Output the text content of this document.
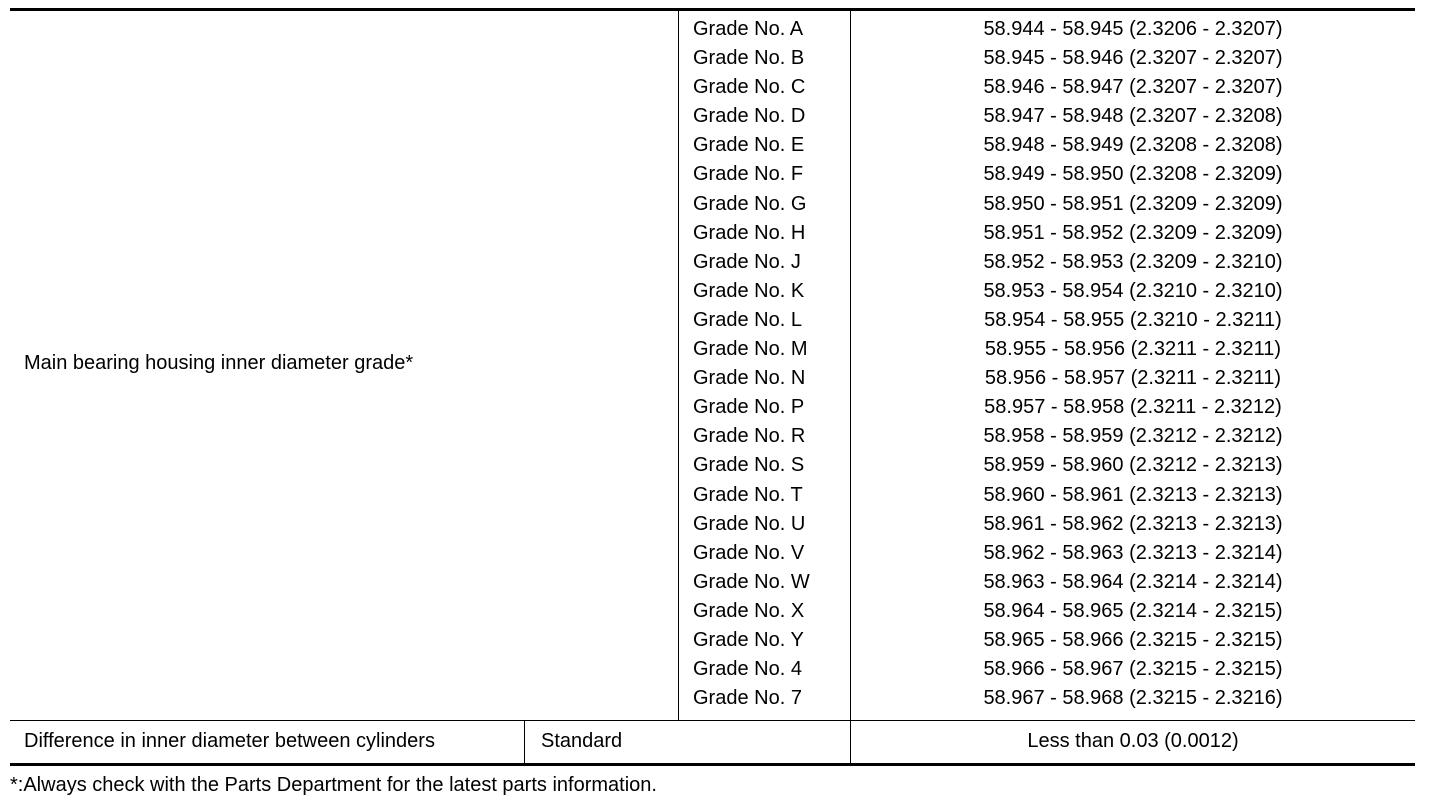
Main bearing housing inner diameter grade*
Grade No. A
Grade No. B
Grade No. C
Grade No. D
Grade No. E
Grade No. F
Grade No. G
Grade No. H
Grade No. J
Grade No. K
Grade No. L
Grade No. M
Grade No. N
Grade No. P
Grade No. R
Grade No. S
Grade No. T
Grade No. U
Grade No. V
Grade No. W
Grade No. X
Grade No. Y
Grade No. 4
Grade No. 7
58.944 - 58.945 (2.3206 - 2.3207)
58.945 - 58.946 (2.3207 - 2.3207)
58.946 - 58.947 (2.3207 - 2.3207)
58.947 - 58.948 (2.3207 - 2.3208)
58.948 - 58.949 (2.3208 - 2.3208)
58.949 - 58.950 (2.3208 - 2.3209)
58.950 - 58.951 (2.3209 - 2.3209)
58.951 - 58.952 (2.3209 - 2.3209)
58.952 - 58.953 (2.3209 - 2.3210)
58.953 - 58.954 (2.3210 - 2.3210)
58.954 - 58.955 (2.3210 - 2.3211)
58.955 - 58.956 (2.3211 - 2.3211)
58.956 - 58.957 (2.3211 - 2.3211)
58.957 - 58.958 (2.3211 - 2.3212)
58.958 - 58.959 (2.3212 - 2.3212)
58.959 - 58.960 (2.3212 - 2.3213)
58.960 - 58.961 (2.3213 - 2.3213)
58.961 - 58.962 (2.3213 - 2.3213)
58.962 - 58.963 (2.3213 - 2.3214)
58.963 - 58.964 (2.3214 - 2.3214)
58.964 - 58.965 (2.3214 - 2.3215)
58.965 - 58.966 (2.3215 - 2.3215)
58.966 - 58.967 (2.3215 - 2.3215)
58.967 - 58.968 (2.3215 - 2.3216)
Difference in inner diameter between cylinders	Standard	Less than 0.03 (0.0012)
*:Always check with the Parts Department for the latest parts information.
